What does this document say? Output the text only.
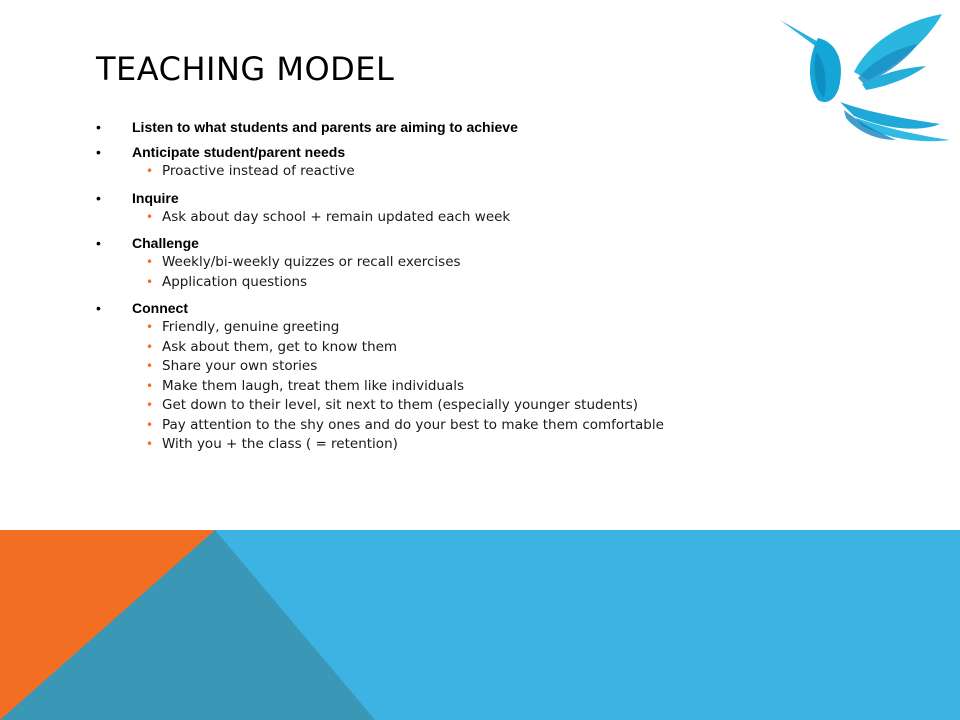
TEACHING MODEL
• Listen to what students and parents are aiming to achieve
• Anticipate student/parent needs
• Proactive instead of reactive
• Inquire
• Ask about day school + remain updated each week
• Challenge
• Weekly/bi-weekly quizzes or recall exercises
• Application questions
• Connect
• Friendly, genuine greeting
• Ask about them, get to know them
• Share your own stories
• Make them laugh, treat them like individuals
• Get down to their level, sit next to them (especially younger students)
• Pay attention to the shy ones and do your best to make them comfortable
• With you + the class ( = retention)
